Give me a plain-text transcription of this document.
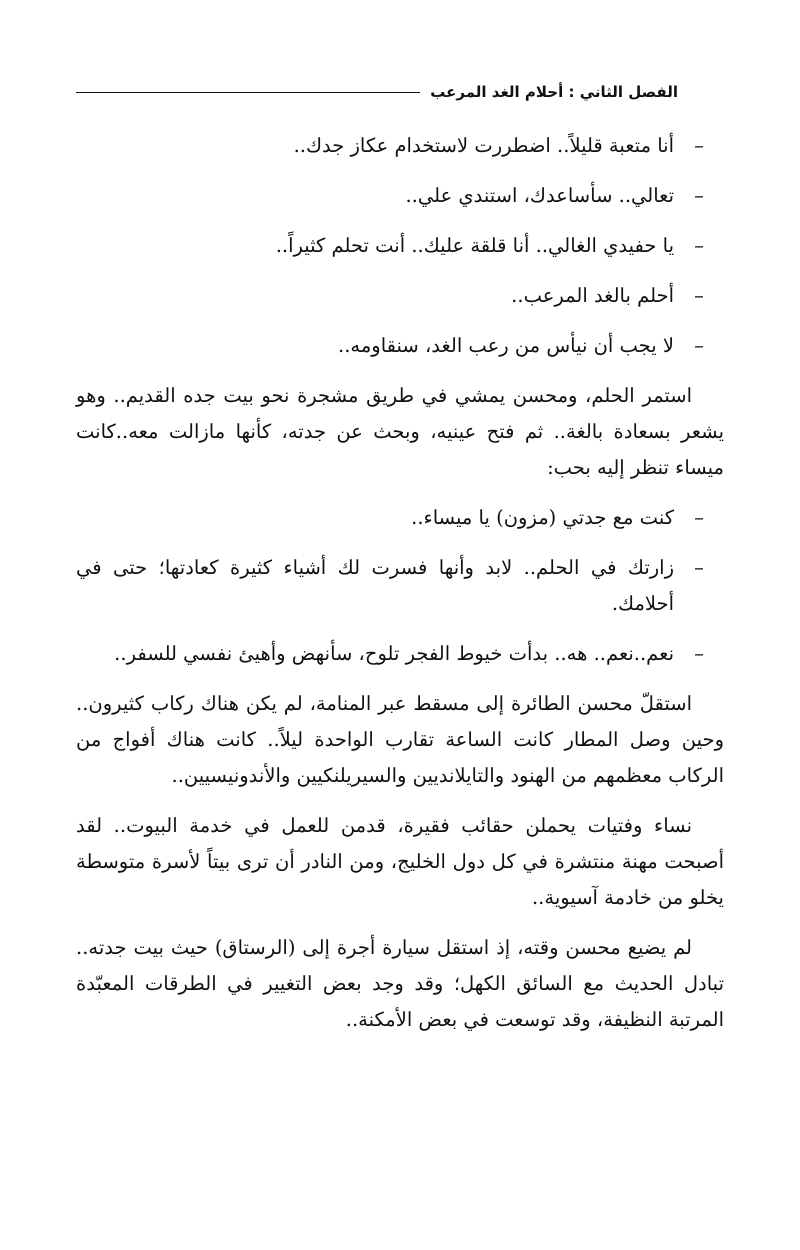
الفصل الثاني : أحلام الغد المرعب
–
أنا متعبة قليلاً.. اضطررت لاستخدام عكاز جدك..
–
تعالي.. سأساعدك، استندي علي..
–
يا حفيدي الغالي.. أنا قلقة عليك.. أنت تحلم كثيراً..
–
أحلم بالغد المرعب..
–
لا يجب أن نيأس من رعب الغد، سنقاومه..

استمر الحلم، ومحسن يمشي في طريق مشجرة نحو بيت جده القديم.. وهو يشعر بسعادة بالغة.. ثم فتح عينيه، وبحث عن جدته، كأنها مازالت معه..كانت ميساء تنظر إليه بحب:

–
كنت مع جدتي (مزون) يا ميساء..
–
زارتك في الحلم.. لابد وأنها فسرت لك أشياء كثيرة كعادتها؛ حتى في أحلامك.
–
نعم..نعم.. هه.. بدأت خيوط الفجر تلوح، سأنهض وأهيئ نفسي للسفر..

استقلّ محسن الطائرة إلى مسقط عبر المنامة، لم يكن هناك ركاب كثيرون.. وحين وصل المطار كانت الساعة تقارب الواحدة ليلاً.. كانت هناك أفواج من الركاب معظمهم من الهنود والتايلانديين والسيريلنكيين والأندونيسيين..

نساء وفتيات يحملن حقائب فقيرة، قدمن للعمل في خدمة البيوت.. لقد أصبحت مهنة منتشرة في كل دول الخليج، ومن النادر أن ترى بيتاً لأسرة متوسطة يخلو من خادمة آسيوية..

لم يضيع محسن وقته، إذ استقل سيارة أجرة إلى (الرستاق) حيث بيت جدته.. تبادل الحديث مع السائق الكهل؛ وقد وجد بعض التغيير في الطرقات المعبّدة المرتبة النظيفة، وقد توسعت في بعض الأمكنة..
